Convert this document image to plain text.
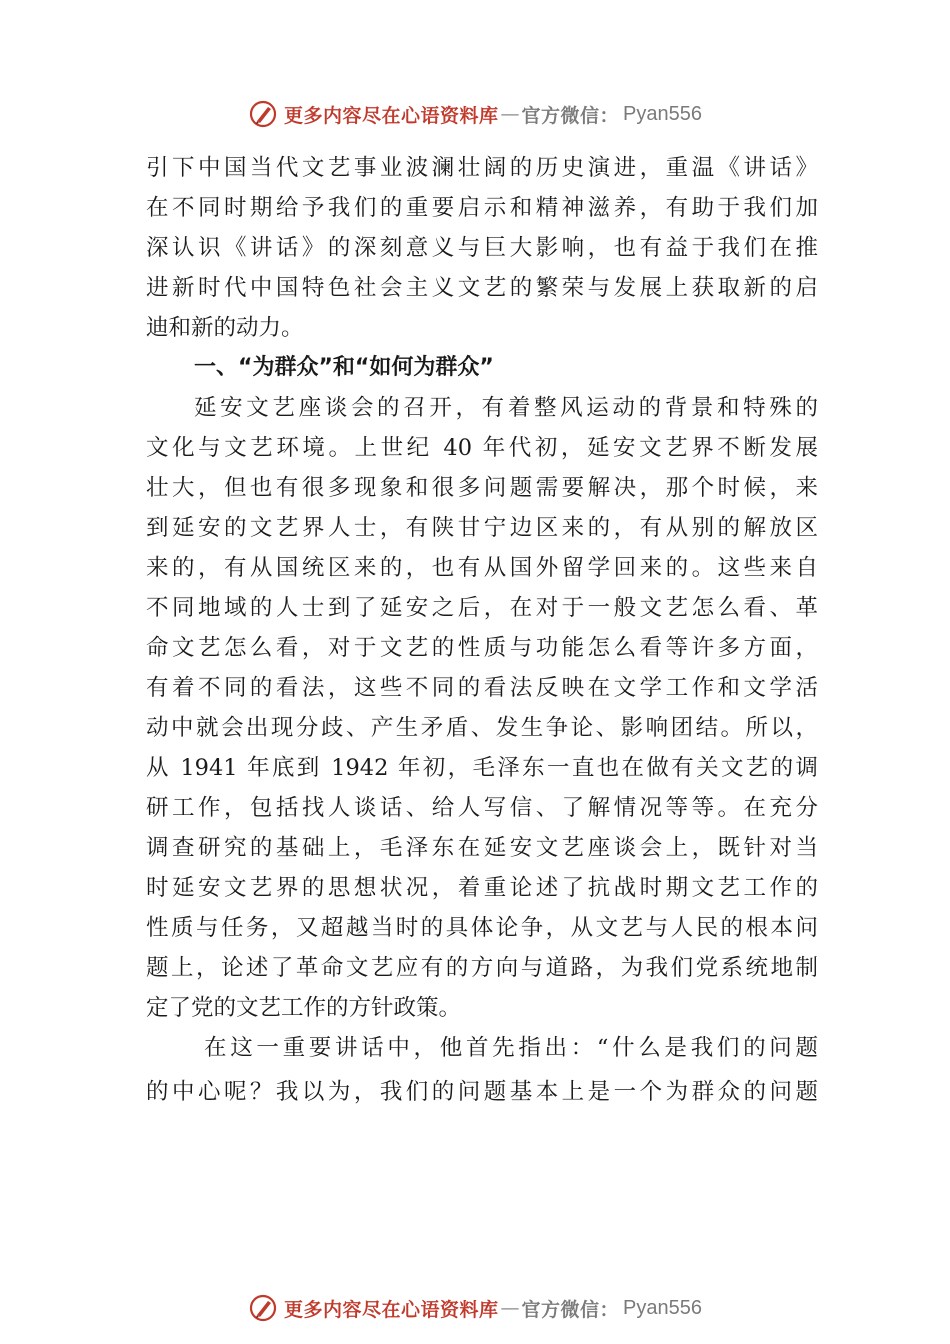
更多内容尽在心语资料库 — 官方微信： Pyan556
引下中国当代文艺事业波澜壮阔的历史演进，重温《讲话》
在不同时期给予我们的重要启示和精神滋养，有助于我们加
深认识《讲话》的深刻意义与巨大影响，也有益于我们在推
进新时代中国特色社会主义文艺的繁荣与发展上获取新的启
迪和新的动力。
一、“为群众”和“如何为群众”
延安文艺座谈会的召开，有着整风运动的背景和特殊的
文化与文艺环境。上世纪 40 年代初，延安文艺界不断发展
壮大，但也有很多现象和很多问题需要解决，那个时候，来
到延安的文艺界人士，有陕甘宁边区来的，有从别的解放区
来的，有从国统区来的，也有从国外留学回来的。这些来自
不同地域的人士到了延安之后，在对于一般文艺怎么看、革
命文艺怎么看，对于文艺的性质与功能怎么看等许多方面，
有着不同的看法，这些不同的看法反映在文学工作和文学活
动中就会出现分歧、产生矛盾、发生争论、影响团结。所以，
从 1941 年底到 1942 年初，毛泽东一直也在做有关文艺的调
研工作，包括找人谈话、给人写信、了解情况等等。在充分
调查研究的基础上，毛泽东在延安文艺座谈会上，既针对当
时延安文艺界的思想状况，着重论述了抗战时期文艺工作的
性质与任务，又超越当时的具体论争，从文艺与人民的根本问
题上，论述了革命文艺应有的方向与道路，为我们党系统地制
定了党的文艺工作的方针政策。
在这一重要讲话中，他首先指出：“什么是我们的问题
的中心呢？我以为，我们的问题基本上是一个为群众的问题
更多内容尽在心语资料库 — 官方微信： Pyan556
